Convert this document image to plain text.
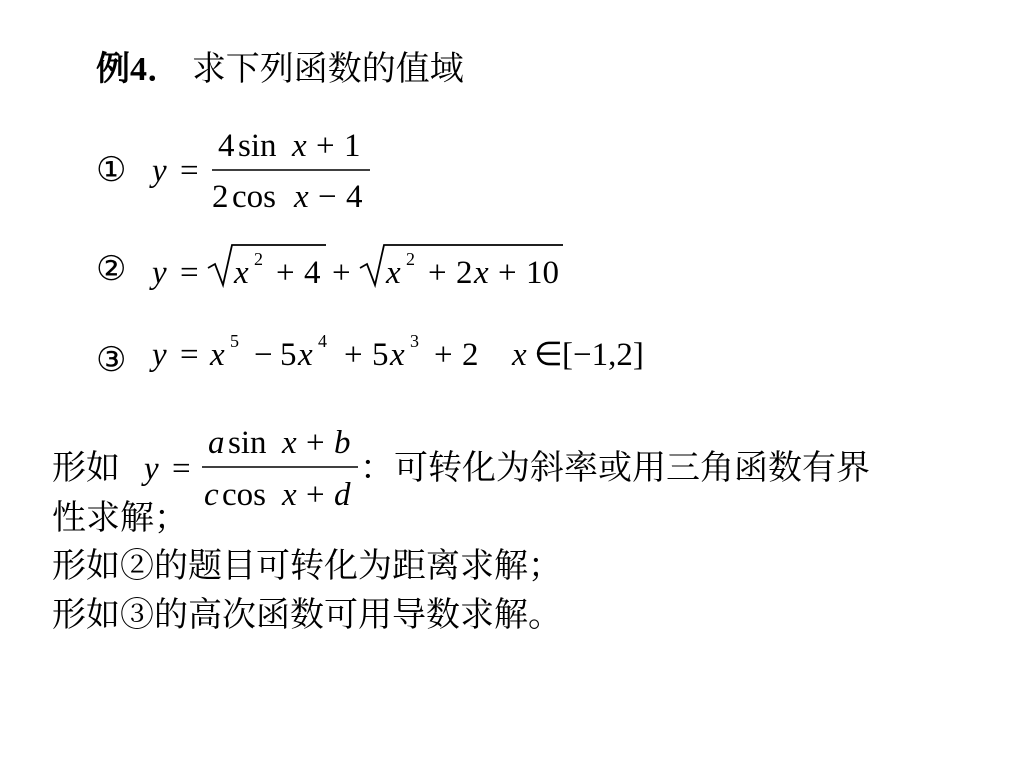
例4． 求下列函数的值域
①
②
③
y =
4 sin x + 1
2 cos x − 4
y = x 2 + 4 + x 2 + 2 x + 10
y = x 5 − 5 x 4 + 5 x 3 + 2 x ∈ [−1,2]
y =
a sin x + b
c cos x + d
形如	：可转化为斜率或用三角函数有界
性求解；
形如②的题目可转化为距离求解；
形如③的高次函数可用导数求解。
